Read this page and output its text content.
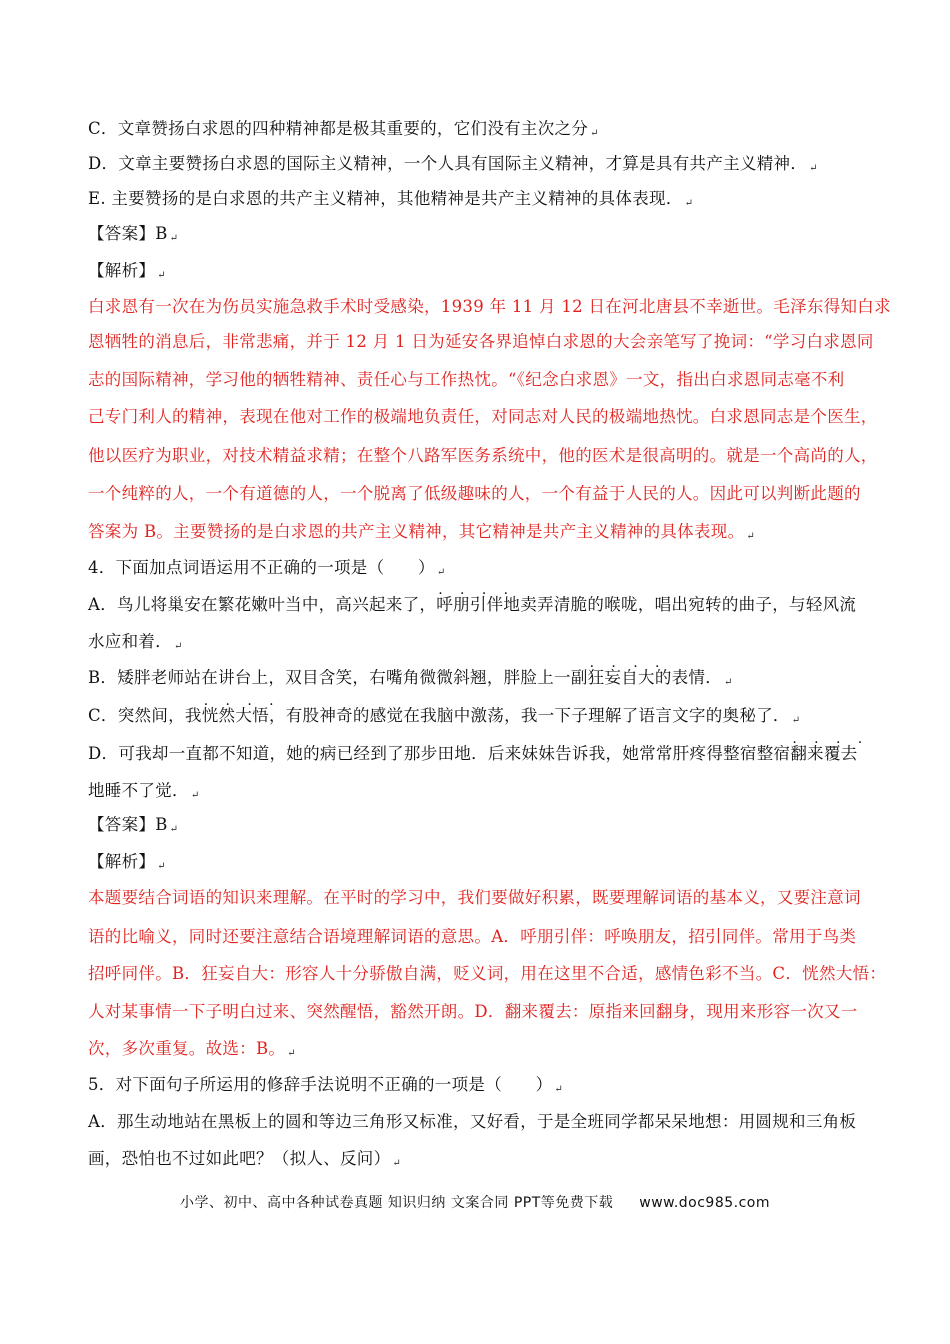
C．文章赞扬白求恩的四种精神都是极其重要的，它们没有主次之分 ↵
D．文章主要赞扬白求恩的国际主义精神，一个人具有国际主义精神，才算是具有共产主义精神． ↵
E. 主要赞扬的是白求恩的共产主义精神，其他精神是共产主义精神的具体表现． ↵
【答案】B ↵
【解析】 ↵
白求恩有一次在为伤员实施急救手术时受感染，1939 年 11 月 12 日在河北唐县不幸逝世。毛泽东得知白求
恩牺牲的消息后，非常悲痛，并于 12 月 1 日为延安各界追悼白求恩的大会亲笔写了挽词：“学习白求恩同
志的国际精神，学习他的牺牲精神、责任心与工作热忱。“《纪念白求恩》一文，指出白求恩同志毫不利
己专门利人的精神，表现在他对工作的极端地负责任，对同志对人民的极端地热忱。白求恩同志是个医生，
他以医疗为职业，对技术精益求精；在整个八路军医务系统中，他的医术是很高明的。就是一个高尚的人，
一个纯粹的人，一个有道德的人，一个脱离了低级趣味的人，一个有益于人民的人。因此可以判断此题的
答案为 B。主要赞扬的是白求恩的共产主义精神，其它精神是共产主义精神的具体表现。 ↵
4．下面加点词语运用不正确的一项是（　　） ↵
A．鸟儿将巢安在繁花嫩叶当中，高兴起来了，呼朋引伴 · ·地卖弄清脆的喉咙，唱出宛转的曲子，与轻风流
水应和着． ↵
B．矮胖老师站在讲台上，双目含笑，右嘴角微微斜翘，胖脸上一副狂妄自大 · ·的表情． ↵
C．突然间，我恍然大悟 · ·，有股神奇的感觉在我脑中激荡，我一下子理解了语言文字的奥秘了． ↵
D．可我却一直都不知道，她的病已经到了那步田地．后来妹妹告诉我，她常常肝疼得整宿整宿翻来覆去 · ·
地睡不了觉． ↵
【答案】B ↵
【解析】 ↵
本题要结合词语的知识来理解。在平时的学习中，我们要做好积累，既要理解词语的基本义，又要注意词
语的比喻义，同时还要注意结合语境理解词语的意思。A．呼朋引伴：呼唤朋友，招引同伴。常用于鸟类
招呼同伴。B．狂妄自大：形容人十分骄傲自满，贬义词，用在这里不合适，感情色彩不当。C．恍然大悟：
人对某事情一下子明白过来、突然醒悟，豁然开朗。D．翻来覆去：原指来回翻身，现用来形容一次又一
次，多次重复。故选：B。 ↵
5．对下面句子所运用的修辞手法说明不正确的一项是（　　） ↵
A．那生动地站在黑板上的圆和等边三角形又标准，又好看，于是全班同学都呆呆地想：用圆规和三角板
画，恐怕也不过如此吧？（拟人、反问） ↵
小学、初中、高中各种试卷真题 知识归纳 文案合同 PPT等免费下载 www.doc985.com
